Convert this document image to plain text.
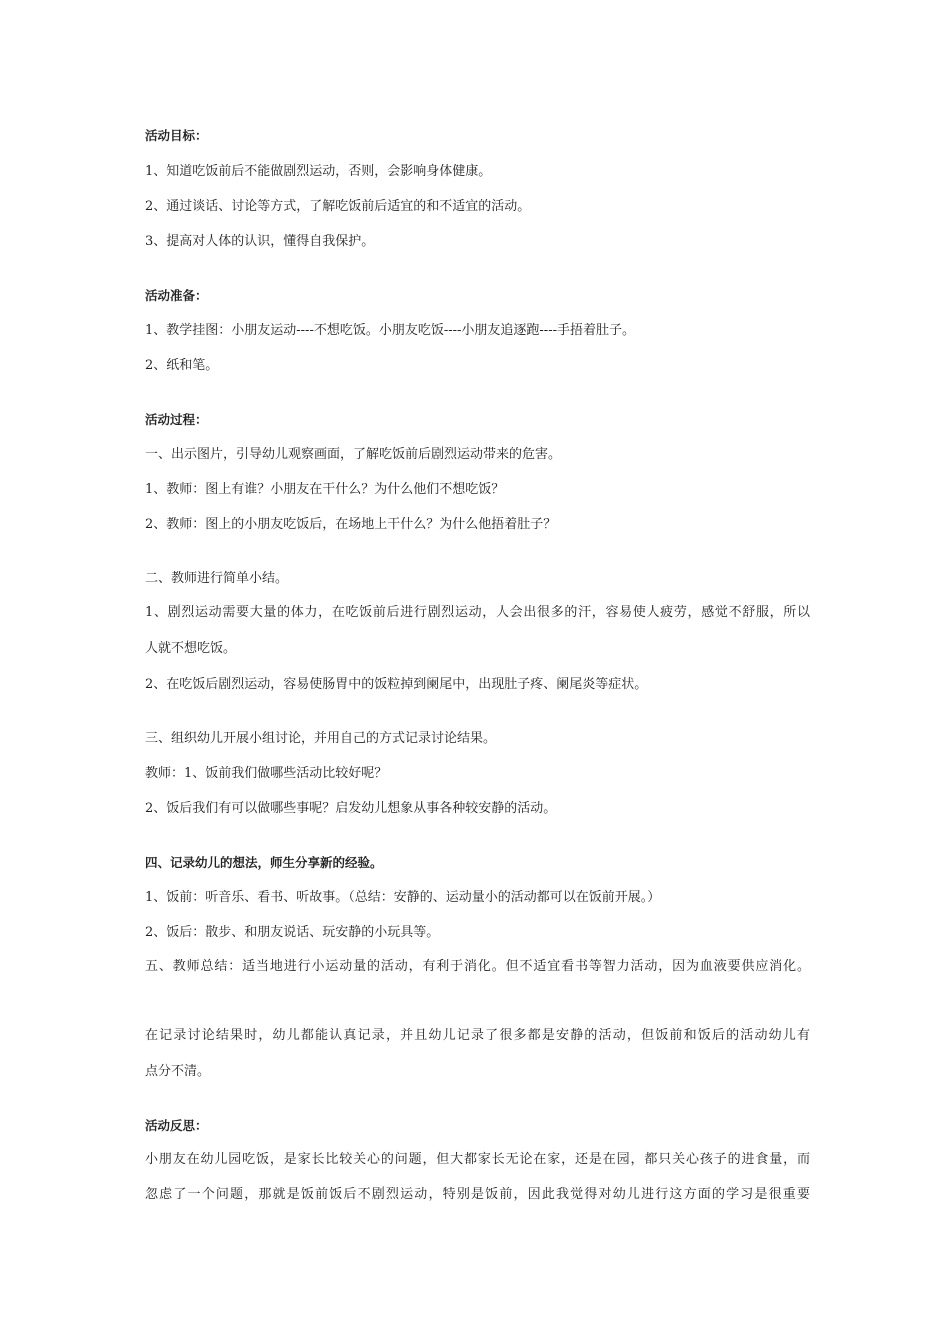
活动目标：
1、知道吃饭前后不能做剧烈运动，否则，会影响身体健康。
2、通过谈话、讨论等方式，了解吃饭前后适宜的和不适宜的活动。
3、提高对人体的认识，懂得自我保护。
活动准备：
1、教学挂图：小朋友运动----不想吃饭。小朋友吃饭----小朋友追逐跑----手捂着肚子。
2、纸和笔。
活动过程：
一、出示图片，引导幼儿观察画面，了解吃饭前后剧烈运动带来的危害。
1、教师：图上有谁？小朋友在干什么？为什么他们不想吃饭？
2、教师：图上的小朋友吃饭后，在场地上干什么？为什么他捂着肚子？
二、教师进行简单小结。
1、剧烈运动需要大量的体力，在吃饭前后进行剧烈运动，人会出很多的汗，容易使人疲劳，感觉不舒服，所以
人就不想吃饭。
2、在吃饭后剧烈运动，容易使肠胃中的饭粒掉到阑尾中，出现肚子疼、阑尾炎等症状。
三、组织幼儿开展小组讨论，并用自己的方式记录讨论结果。
教师：1、饭前我们做哪些活动比较好呢？
2、饭后我们有可以做哪些事呢？启发幼儿想象从事各种较安静的活动。
四、记录幼儿的想法，师生分享新的经验。
1、饭前：听音乐、看书、听故事。（总结：安静的、运动量小的活动都可以在饭前开展。）
2、饭后：散步、和朋友说话、玩安静的小玩具等。
五、教师总结：适当地进行小运动量的活动，有利于消化。但不适宜看书等智力活动，因为血液要供应消化。
在记录讨论结果时，幼儿都能认真记录，并且幼儿记录了很多都是安静的活动，但饭前和饭后的活动幼儿有
点分不清。
活动反思：
小朋友在幼儿园吃饭，是家长比较关心的问题，但大都家长无论在家，还是在园，都只关心孩子的进食量，而
忽虑了一个问题，那就是饭前饭后不剧烈运动，特别是饭前，因此我觉得对幼儿进行这方面的学习是很重要
